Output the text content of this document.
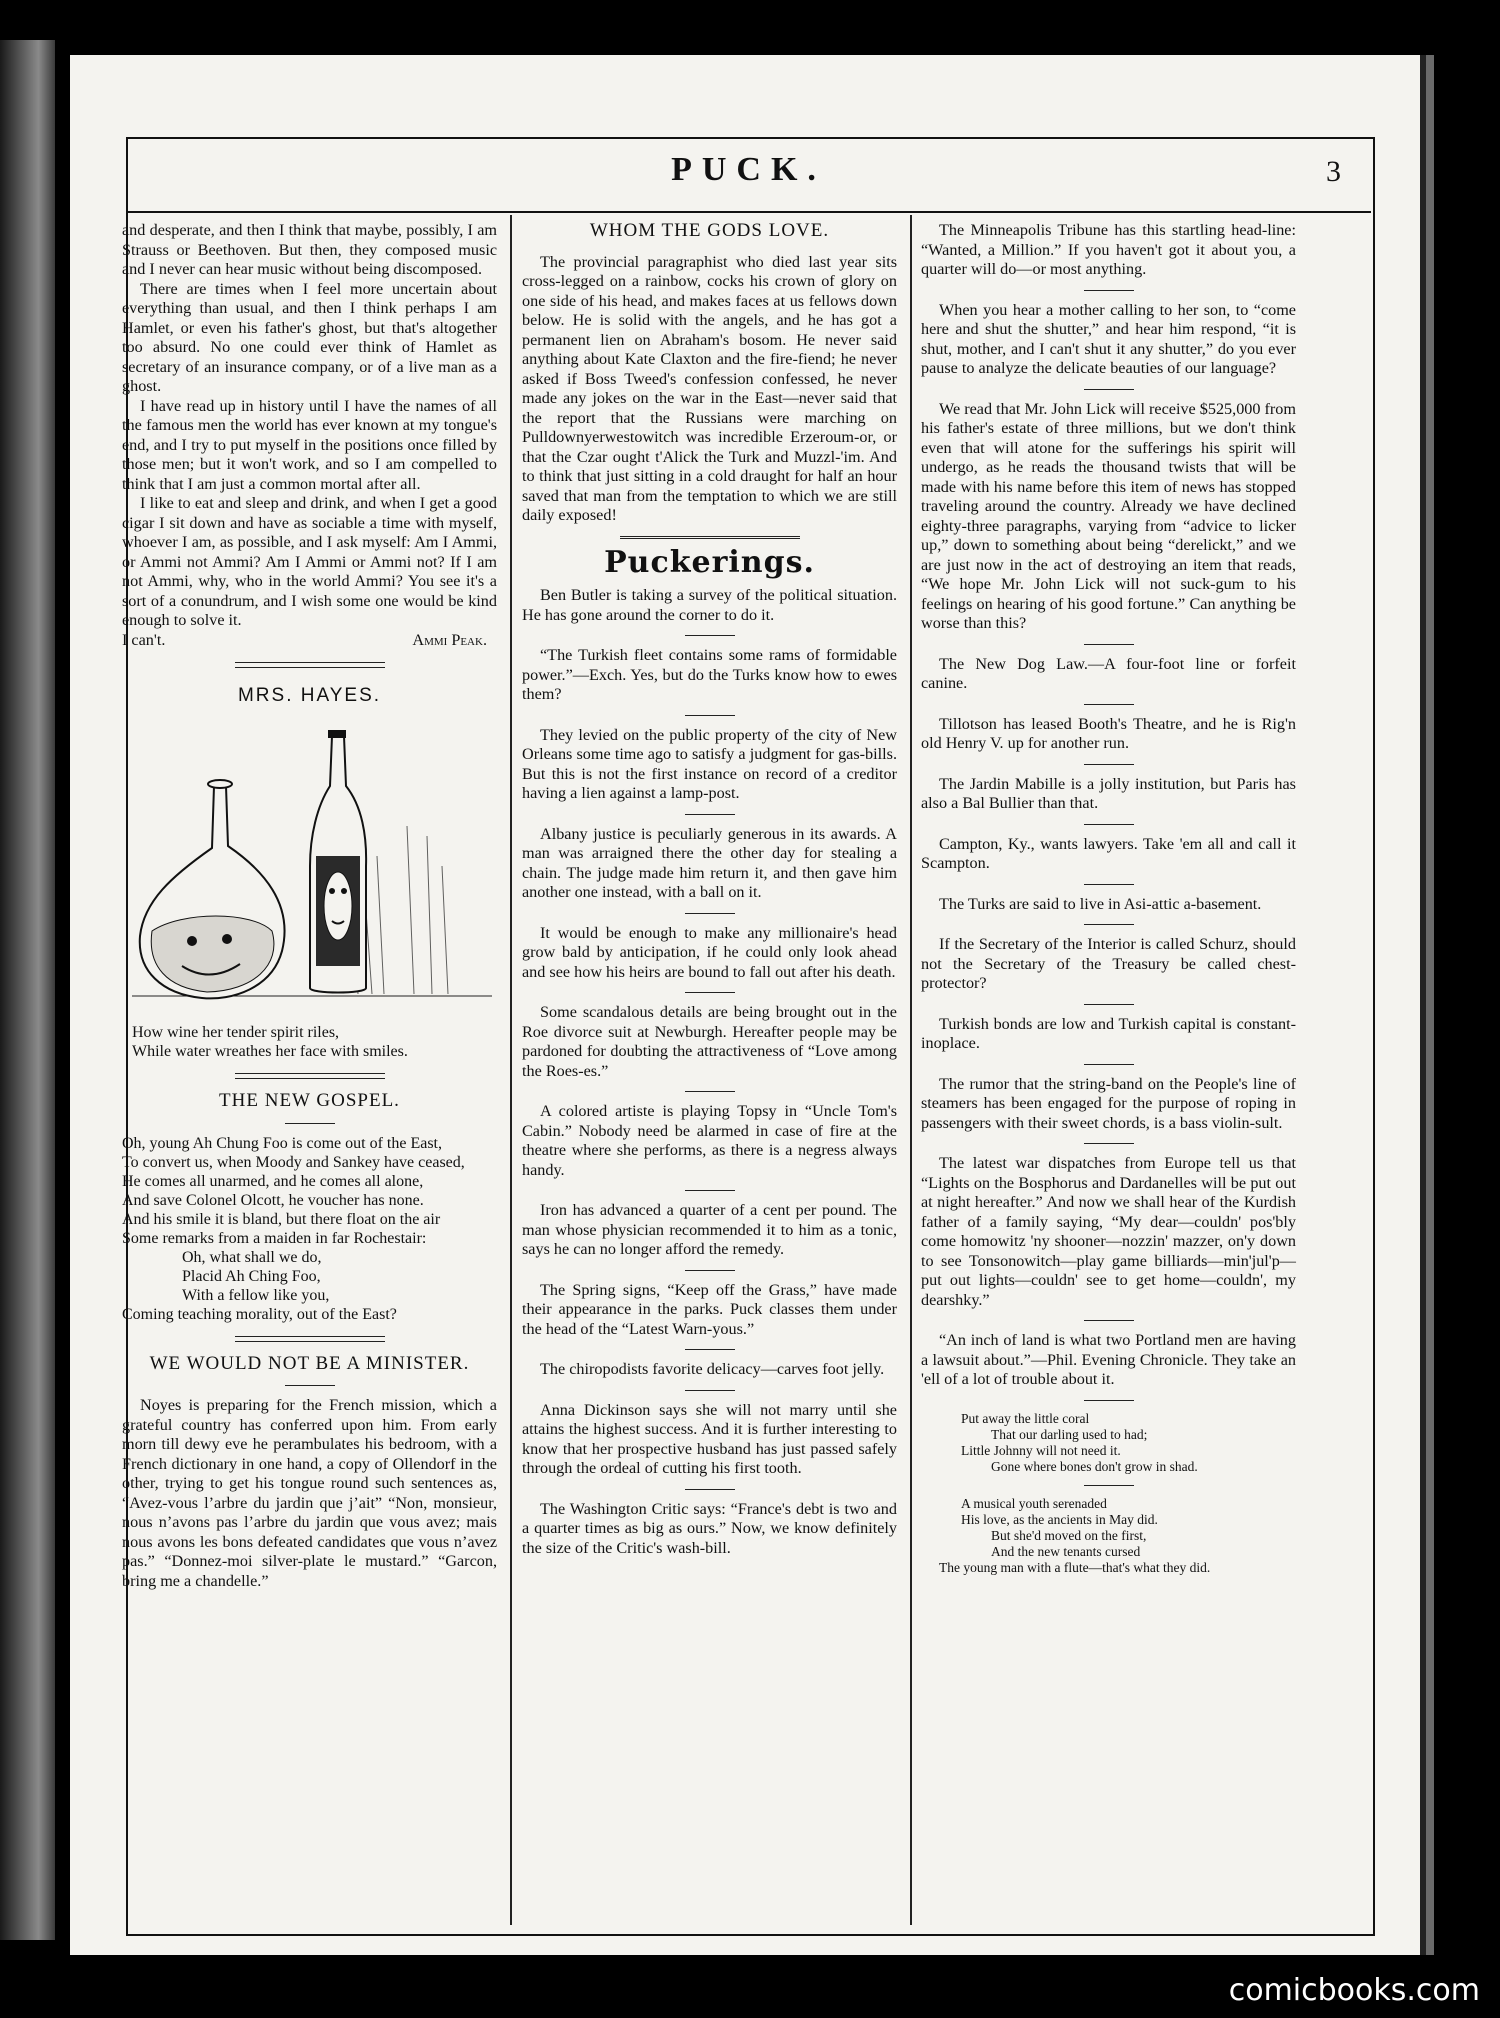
PUCK.	3

and desperate, and then I think that maybe, possibly, I am Strauss or Beethoven. But then, they composed music and I never can hear music without being discomposed.

There are times when I feel more uncertain about everything than usual, and then I think perhaps I am Hamlet, or even his father's ghost, but that's altogether too absurd. No one could ever think of Hamlet as secretary of an insurance company, or of a live man as a ghost.

I have read up in history until I have the names of all the famous men the world has ever known at my tongue's end, and I try to put myself in the positions once filled by those men; but it won't work, and so I am compelled to think that I am just a common mortal after all.

I like to eat and sleep and drink, and when I get a good cigar I sit down and have as sociable a time with myself, whoever I am, as possible, and I ask myself: Am I Ammi, or Ammi not Ammi? Am I Ammi or Ammi not? If I am not Ammi, why, who in the world Ammi? You see it's a sort of a conundrum, and I wish some one would be kind enough to solve it.

I can't.	Ammi Peak.
MRS. HAYES.
How wine her tender spirit riles,
While water wreathes her face with smiles.
THE NEW GOSPEL.
Oh, young Ah Chung Foo is come out of the East,
To convert us, when Moody and Sankey have ceased,
He comes all unarmed, and he comes all alone,
And save Colonel Olcott, he voucher has none.
And his smile it is bland, but there float on the air
Some remarks from a maiden in far Rochestair:
Oh, what shall we do,
Placid Ah Ching Foo,
With a fellow like you,
Coming teaching morality, out of the East?
WE WOULD NOT BE A MINISTER.

Noyes is preparing for the French mission, which a grateful country has conferred upon him. From early morn till dewy eve he perambulates his bedroom, with a French dictionary in one hand, a copy of Ollendorf in the other, trying to get his tongue round such sentences as, “Avez-vous l’arbre du jardin que j’ait” “Non, monsieur, nous n’avons pas l’arbre du jardin que vous avez; mais nous avons les bons defeated candidates que vous n’avez pas.” “Donnez-moi silver-plate le mustard.” “Garcon, bring me a chandelle.”

WHOM THE GODS LOVE.

The provincial paragraphist who died last year sits cross-legged on a rainbow, cocks his crown of glory on one side of his head, and makes faces at us fellows down below. He is solid with the angels, and he has got a permanent lien on Abraham's bosom. He never said anything about Kate Claxton and the fire-fiend; he never asked if Boss Tweed's confession confessed, he never made any jokes on the war in the East—never said that the report that the Russians were marching on Pulldownyerwestowitch was incredible Erzeroum-or, or that the Czar ought t'Alick the Turk and Muzzl-'im. And to think that just sitting in a cold draught for half an hour saved that man from the temptation to which we are still daily exposed!

Puckerings.

Ben Butler is taking a survey of the political situation. He has gone around the corner to do it.

“The Turkish fleet contains some rams of formidable power.”—Exch. Yes, but do the Turks know how to ewes them?

They levied on the public property of the city of New Orleans some time ago to satisfy a judgment for gas-bills. But this is not the first instance on record of a creditor having a lien against a lamp-post.

Albany justice is peculiarly generous in its awards. A man was arraigned there the other day for stealing a chain. The judge made him return it, and then gave him another one instead, with a ball on it.

It would be enough to make any millionaire's head grow bald by anticipation, if he could only look ahead and see how his heirs are bound to fall out after his death.

Some scandalous details are being brought out in the Roe divorce suit at Newburgh. Hereafter people may be pardoned for doubting the attractiveness of “Love among the Roes-es.”

A colored artiste is playing Topsy in “Uncle Tom's Cabin.” Nobody need be alarmed in case of fire at the theatre where she performs, as there is a negress always handy.

Iron has advanced a quarter of a cent per pound. The man whose physician recommended it to him as a tonic, says he can no longer afford the remedy.

The Spring signs, “Keep off the Grass,” have made their appearance in the parks. Puck classes them under the head of the “Latest Warn-yous.”

The chiropodists favorite delicacy—carves foot jelly.

Anna Dickinson says she will not marry until she attains the highest success. And it is further interesting to know that her prospective husband has just passed safely through the ordeal of cutting his first tooth.

The Washington Critic says: “France's debt is two and a quarter times as big as ours.” Now, we know definitely the size of the Critic's wash-bill.

The Minneapolis Tribune has this startling head-line: “Wanted, a Million.” If you haven't got it about you, a quarter will do—or most anything.

When you hear a mother calling to her son, to “come here and shut the shutter,” and hear him respond, “it is shut, mother, and I can't shut it any shutter,” do you ever pause to analyze the delicate beauties of our language?

We read that Mr. John Lick will receive $525,000 from his father's estate of three millions, but we don't think even that will atone for the sufferings his spirit will undergo, as he reads the thousand twists that will be made with his name before this item of news has stopped traveling around the country. Already we have declined eighty-three paragraphs, varying from “advice to licker up,” down to something about being “derelickt,” and we are just now in the act of destroying an item that reads, “We hope Mr. John Lick will not suck-gum to his feelings on hearing of his good fortune.” Can anything be worse than this?

The New Dog Law.—A four-foot line or forfeit canine.

Tillotson has leased Booth's Theatre, and he is Rig'n old Henry V. up for another run.

The Jardin Mabille is a jolly institution, but Paris has also a Bal Bullier than that.

Campton, Ky., wants lawyers. Take 'em all and call it Scampton.

The Turks are said to live in Asi-attic a-basement.

If the Secretary of the Interior is called Schurz, should not the Secretary of the Treasury be called chest-protector?

Turkish bonds are low and Turkish capital is constant-inoplace.

The rumor that the string-band on the People's line of steamers has been engaged for the purpose of roping in passengers with their sweet chords, is a bass violin-sult.

The latest war dispatches from Europe tell us that “Lights on the Bosphorus and Dardanelles will be put out at night hereafter.” And now we shall hear of the Kurdish father of a family saying, “My dear—couldn' pos'bly come homowitz 'ny shooner—nozzin' mazzer, on'y down to see Tonsonowitch—play game billiards—min'jul'p—put out lights—couldn' see to get home—couldn', my dearshky.”

“An inch of land is what two Portland men are having a lawsuit about.”—Phil. Evening Chronicle. They take an 'ell of a lot of trouble about it.

Put away the little coral
That our darling used to had;
Little Johnny will not need it.
Gone where bones don't grow in shad.
A musical youth serenaded
His love, as the ancients in May did.
But she'd moved on the first,
And the new tenants cursed
The young man with a flute—that's what they did.
comicbooks.com
